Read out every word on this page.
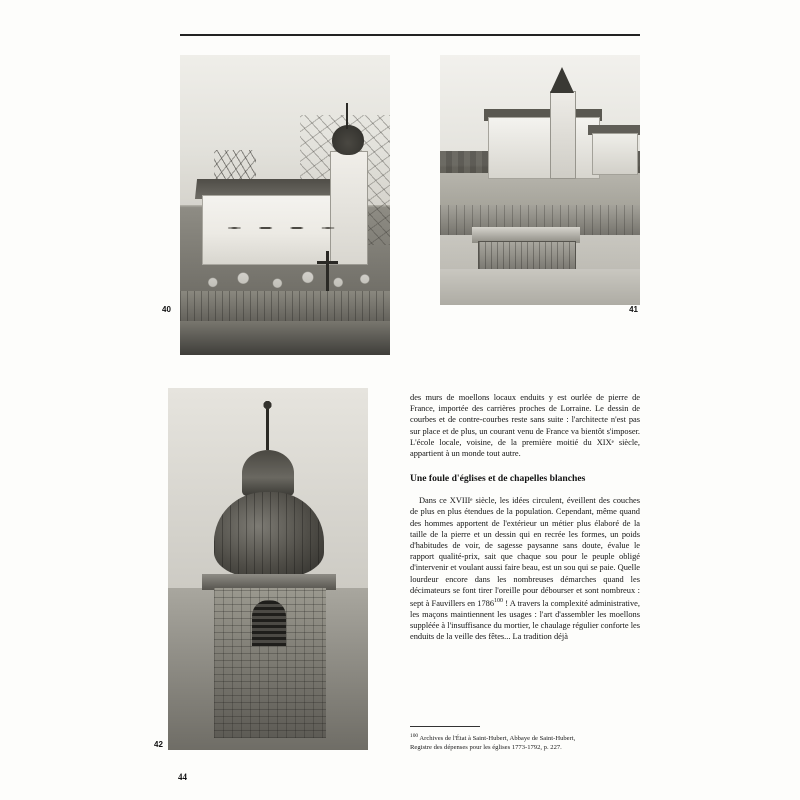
40	41
42

des murs de moellons locaux enduits y est ourlée de pierre de France, importée des carrières proches de Lorraine. Le dessin de courbes et de contre-courbes reste sans suite : l'architecte n'est pas sur place et de plus, un courant venu de France va bientôt s'imposer. L'école locale, voisine, de la première moitié du XIXᵉ siècle, appartient à un monde tout autre.

Une foule d'églises et de chapelles blanches

Dans ce XVIIIᵉ siècle, les idées circulent, éveillent des couches de plus en plus étendues de la population. Cependant, même quand des hommes apportent de l'extérieur un métier plus élaboré de la taille de la pierre et un dessin qui en recrée les formes, un poids d'habitudes de voir, de sagesse paysanne sans doute, évalue le rapport qualité-prix, sait que chaque sou pour le peuple obligé d'intervenir et voulant aussi faire beau, est un sou qui se paie. Quelle lourdeur encore dans les nombreuses démarches quand les décimateurs se font tirer l'oreille pour débourser et sont nombreux : sept à Fauvillers en 1786$^{100}$ ! A travers la complexité administrative, les maçons maintiennent les usages : l'art d'assembler les moellons suppléée à l'insuffisance du mortier, le chaulage régulier conforte les enduits de la veille des fêtes... La tradition déjà

$^{100}$ Archives de l'État à Saint-Hubert, Abbaye de Saint-Hubert,
Registre des dépenses pour les églises 1773-1792, p. 227.
44
